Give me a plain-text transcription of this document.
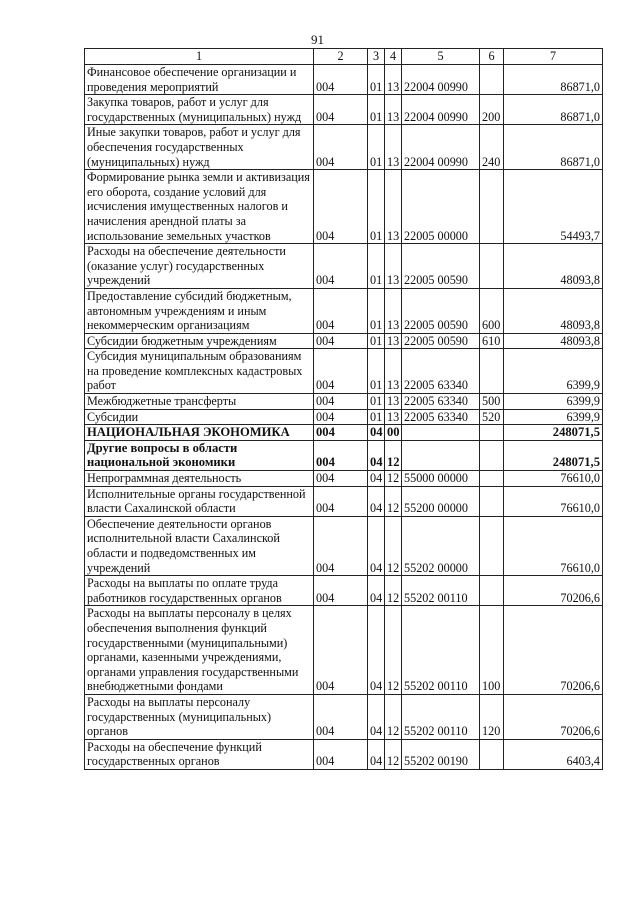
91
1	2	3	4	5	6	7
Финансовое обеспечение организации и проведения мероприятий	004	01	13	22004 00990		86871,0
Закупка товаров, работ и услуг для государственных (муниципальных) нужд	004	01	13	22004 00990	200	86871,0
Иные закупки товаров, работ и услуг для обеспечения государственных (муниципальных) нужд	004	01	13	22004 00990	240	86871,0
Формирование рынка земли и активизация его оборота, создание условий для исчисления имущественных налогов и начисления арендной платы за использование земельных участков	004	01	13	22005 00000		54493,7
Расходы на обеспечение деятельности (оказание услуг) государственных учреждений	004	01	13	22005 00590		48093,8
Предоставление субсидий бюджетным, автономным учреждениям и иным некоммерческим организациям	004	01	13	22005 00590	600	48093,8
Субсидии бюджетным учреждениям	004	01	13	22005 00590	610	48093,8
Субсидия муниципальным образованиям на проведение комплексных кадастровых работ	004	01	13	22005 63340		6399,9
Межбюджетные трансферты	004	01	13	22005 63340	500	6399,9
Субсидии	004	01	13	22005 63340	520	6399,9
НАЦИОНАЛЬНАЯ ЭКОНОМИКА	004	04	00			248071,5
Другие вопросы в области национальной экономики	004	04	12			248071,5
Непрограммная деятельность	004	04	12	55000 00000		76610,0
Исполнительные органы государственной власти Сахалинской области	004	04	12	55200 00000		76610,0
Обеспечение деятельности органов исполнительной власти Сахалинской области и подведомственных им учреждений	004	04	12	55202 00000		76610,0
Расходы на выплаты по оплате труда работников государственных органов	004	04	12	55202 00110		70206,6
Расходы на выплаты персоналу в целях обеспечения выполнения функций государственными (муниципальными) органами, казенными учреждениями, органами управления государственными внебюджетными фондами	004	04	12	55202 00110	100	70206,6
Расходы на выплаты персоналу государственных (муниципальных) органов	004	04	12	55202 00110	120	70206,6
Расходы на обеспечение функций государственных органов	004	04	12	55202 00190		6403,4
